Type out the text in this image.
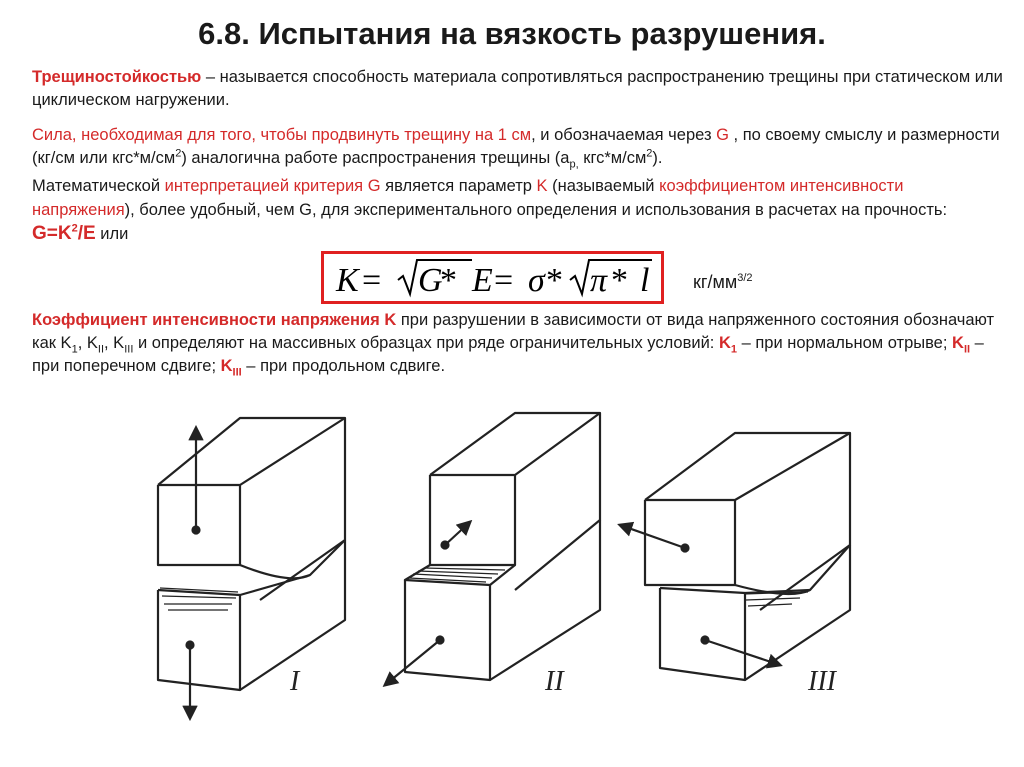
6.8. Испытания на вязкость разрушения.

Трещиностойкостью – называется способность материала сопротивляться распространению трещины при статическом или циклическом нагружении.

Сила, необходимая для того, чтобы продвинуть трещину на 1 см, и обозначаемая через G , по своему смыслу и размерности (кг/см или $кгс*м/см^2$) аналогична работе распространения трещины ($а_{р,}$ $кгс*м/см^2$).

Математической интерпретацией критерия G является параметр K (называемый коэффициентом интенсивности напряжения), более удобный, чем G, для экспериментального определения и использования в расчетах на прочность: $G=K^2/E$ или

K = G
* E = σ * π * l $кг/мм^{3/2}$

Коэффициент интенсивности напряжения K при разрушении в зависимости от вида напряженного состояния обозначают как $K_1$, $K_{II}$, $K_{III}$ и определяют на массивных образцах при ряде ограничительных условий: $K_1$ – при нормальном отрыве; $K_{II}$ – при поперечном сдвиге; $K_{III}$ – при продольном сдвиге.

I	II	III
